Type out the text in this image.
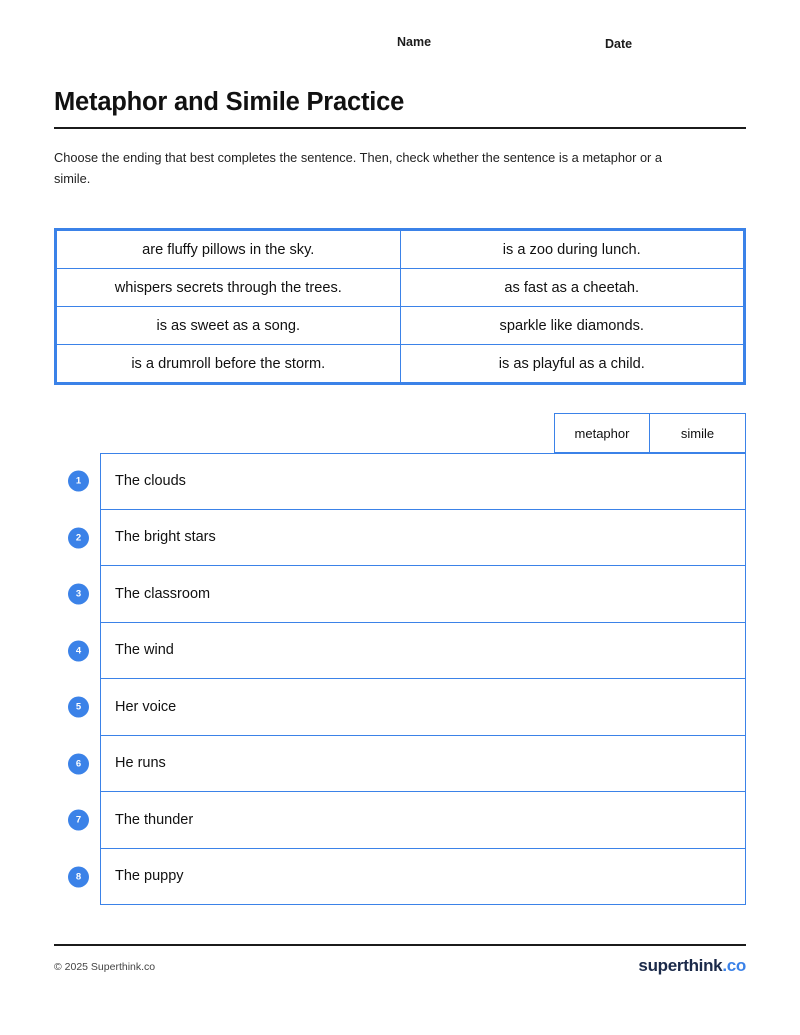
Name	Date
Metaphor and Simile Practice
Choose the ending that best completes the sentence. Then, check whether the sentence is a metaphor or a simile.
are fluffy pillows in the sky.	is a zoo during lunch.
whispers secrets through the trees.	as fast as a cheetah.
is as sweet as a song.	sparkle like diamonds.
is a drumroll before the storm.	is as playful as a child.
metaphor	simile
1	The clouds
2	The bright stars
3	The classroom
4	The wind
5	Her voice
6	He runs
7	The thunder
8	The puppy
© 2025 Superthink.co	superthink.co
